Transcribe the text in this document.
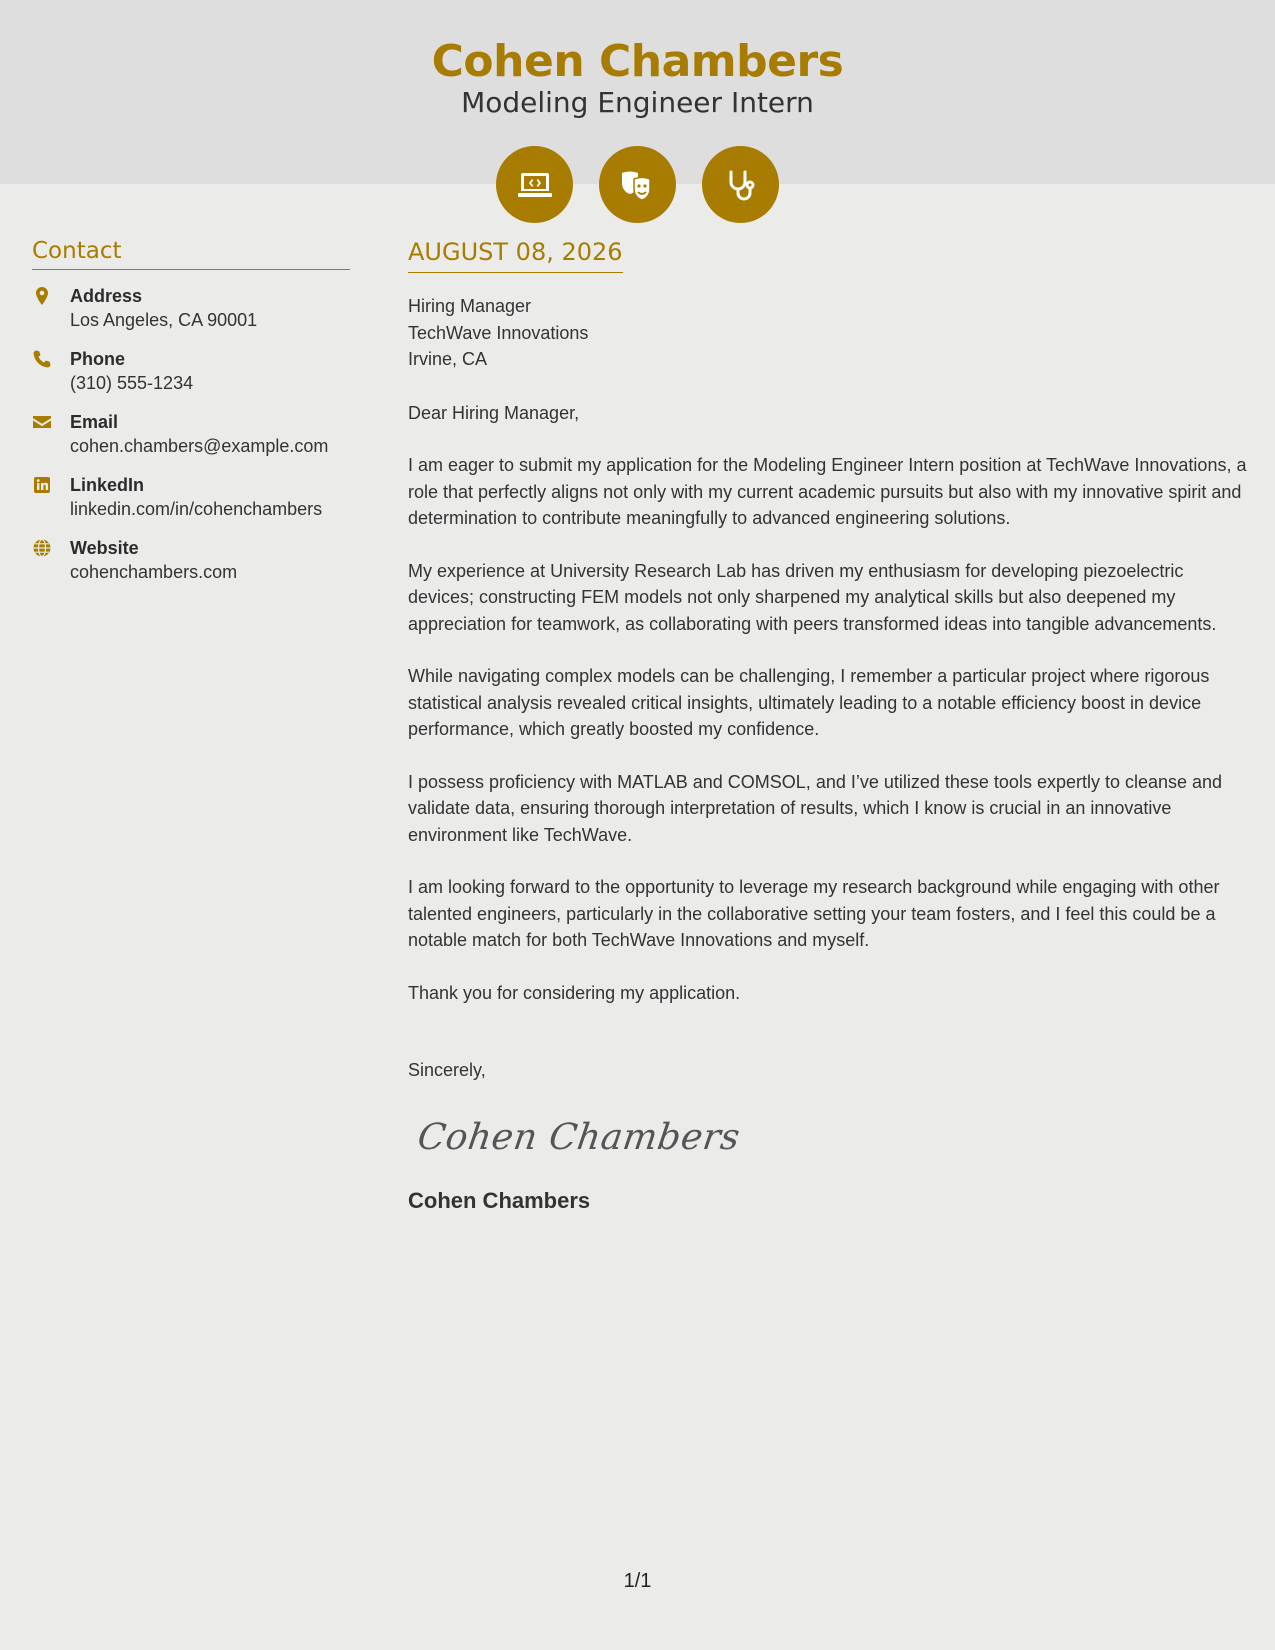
Cohen Chambers
Modeling Engineer Intern
Contact
Address
Los Angeles, CA 90001
Phone
(310) 555-1234
Email
cohen.chambers@example.com
LinkedIn
linkedin.com/in/cohenchambers
Website
cohenchambers.com
AUGUST 08, 2026
Hiring Manager
TechWave Innovations
Irvine, CA
Dear Hiring Manager,
I am eager to submit my application for the Modeling Engineer Intern position at TechWave Innovations, a role that perfectly aligns not only with my current academic pursuits but also with my innovative spirit and determination to contribute meaningfully to advanced engineering solutions.
My experience at University Research Lab has driven my enthusiasm for developing piezoelectric devices; constructing FEM models not only sharpened my analytical skills but also deepened my appreciation for teamwork, as collaborating with peers transformed ideas into tangible advancements.
While navigating complex models can be challenging, I remember a particular project where rigorous statistical analysis revealed critical insights, ultimately leading to a notable efficiency boost in device performance, which greatly boosted my confidence.
I possess proficiency with MATLAB and COMSOL, and I’ve utilized these tools expertly to cleanse and validate data, ensuring thorough interpretation of results, which I know is crucial in an innovative environment like TechWave.
I am looking forward to the opportunity to leverage my research background while engaging with other talented engineers, particularly in the collaborative setting your team fosters, and I feel this could be a notable match for both TechWave Innovations and myself.
Thank you for considering my application.
Sincerely,
Cohen Chambers
Cohen Chambers
1/1
